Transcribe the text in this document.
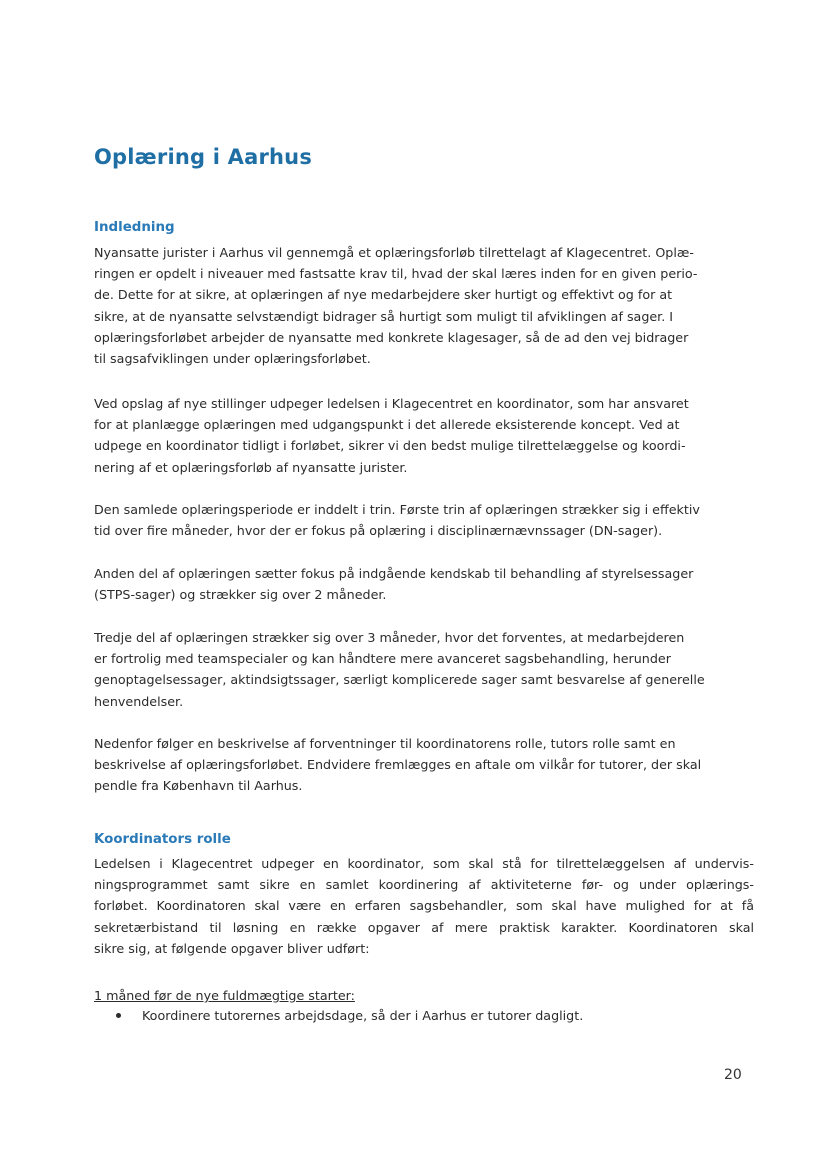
Oplæring i Aarhus
Indledning

Nyansatte jurister i Aarhus vil gennemgå et oplæringsforløb tilrettelagt af Klagecentret. Oplæ-
ringen er opdelt i niveauer med fastsatte krav til, hvad der skal læres inden for en given perio-
de. Dette for at sikre, at oplæringen af nye medarbejdere sker hurtigt og effektivt og for at
sikre, at de nyansatte selvstændigt bidrager så hurtigt som muligt til afviklingen af sager. I
oplæringsforløbet arbejder de nyansatte med konkrete klagesager, så de ad den vej bidrager
til sagsafviklingen under oplæringsforløbet.

Ved opslag af nye stillinger udpeger ledelsen i Klagecentret en koordinator, som har ansvaret
for at planlægge oplæringen med udgangspunkt i det allerede eksisterende koncept. Ved at
udpege en koordinator tidligt i forløbet, sikrer vi den bedst mulige tilrettelæggelse og koordi-
nering af et oplæringsforløb af nyansatte jurister.

Den samlede oplæringsperiode er inddelt i trin. Første trin af oplæringen strækker sig i effektiv
tid over fire måneder, hvor der er fokus på oplæring i disciplinærnævnssager (DN-sager).

Anden del af oplæringen sætter fokus på indgående kendskab til behandling af styrelsessager
(STPS-sager) og strækker sig over 2 måneder.

Tredje del af oplæringen strækker sig over 3 måneder, hvor det forventes, at medarbejderen
er fortrolig med teamspecialer og kan håndtere mere avanceret sagsbehandling, herunder
genoptagelsessager, aktindsigtssager, særligt komplicerede sager samt besvarelse af generelle
henvendelser.

Nedenfor følger en beskrivelse af forventninger til koordinatorens rolle, tutors rolle samt en
beskrivelse af oplæringsforløbet. Endvidere fremlægges en aftale om vilkår for tutorer, der skal
pendle fra København til Aarhus.

Koordinators rolle

Ledelsen i Klagecentret udpeger en koordinator, som skal stå for tilrettelæggelsen af undervis-
ningsprogrammet samt sikre en samlet koordinering af aktiviteterne før- og under oplærings-
forløbet. Koordinatoren skal være en erfaren sagsbehandler, som skal have mulighed for at få
sekretærbistand til løsning en række opgaver af mere praktisk karakter. Koordinatoren skal
sikre sig, at følgende opgaver bliver udført:

1 måned før de nye fuldmægtige starter:

Koordinere tutorernes arbejdsdage, så der i Aarhus er tutorer dagligt.
20
